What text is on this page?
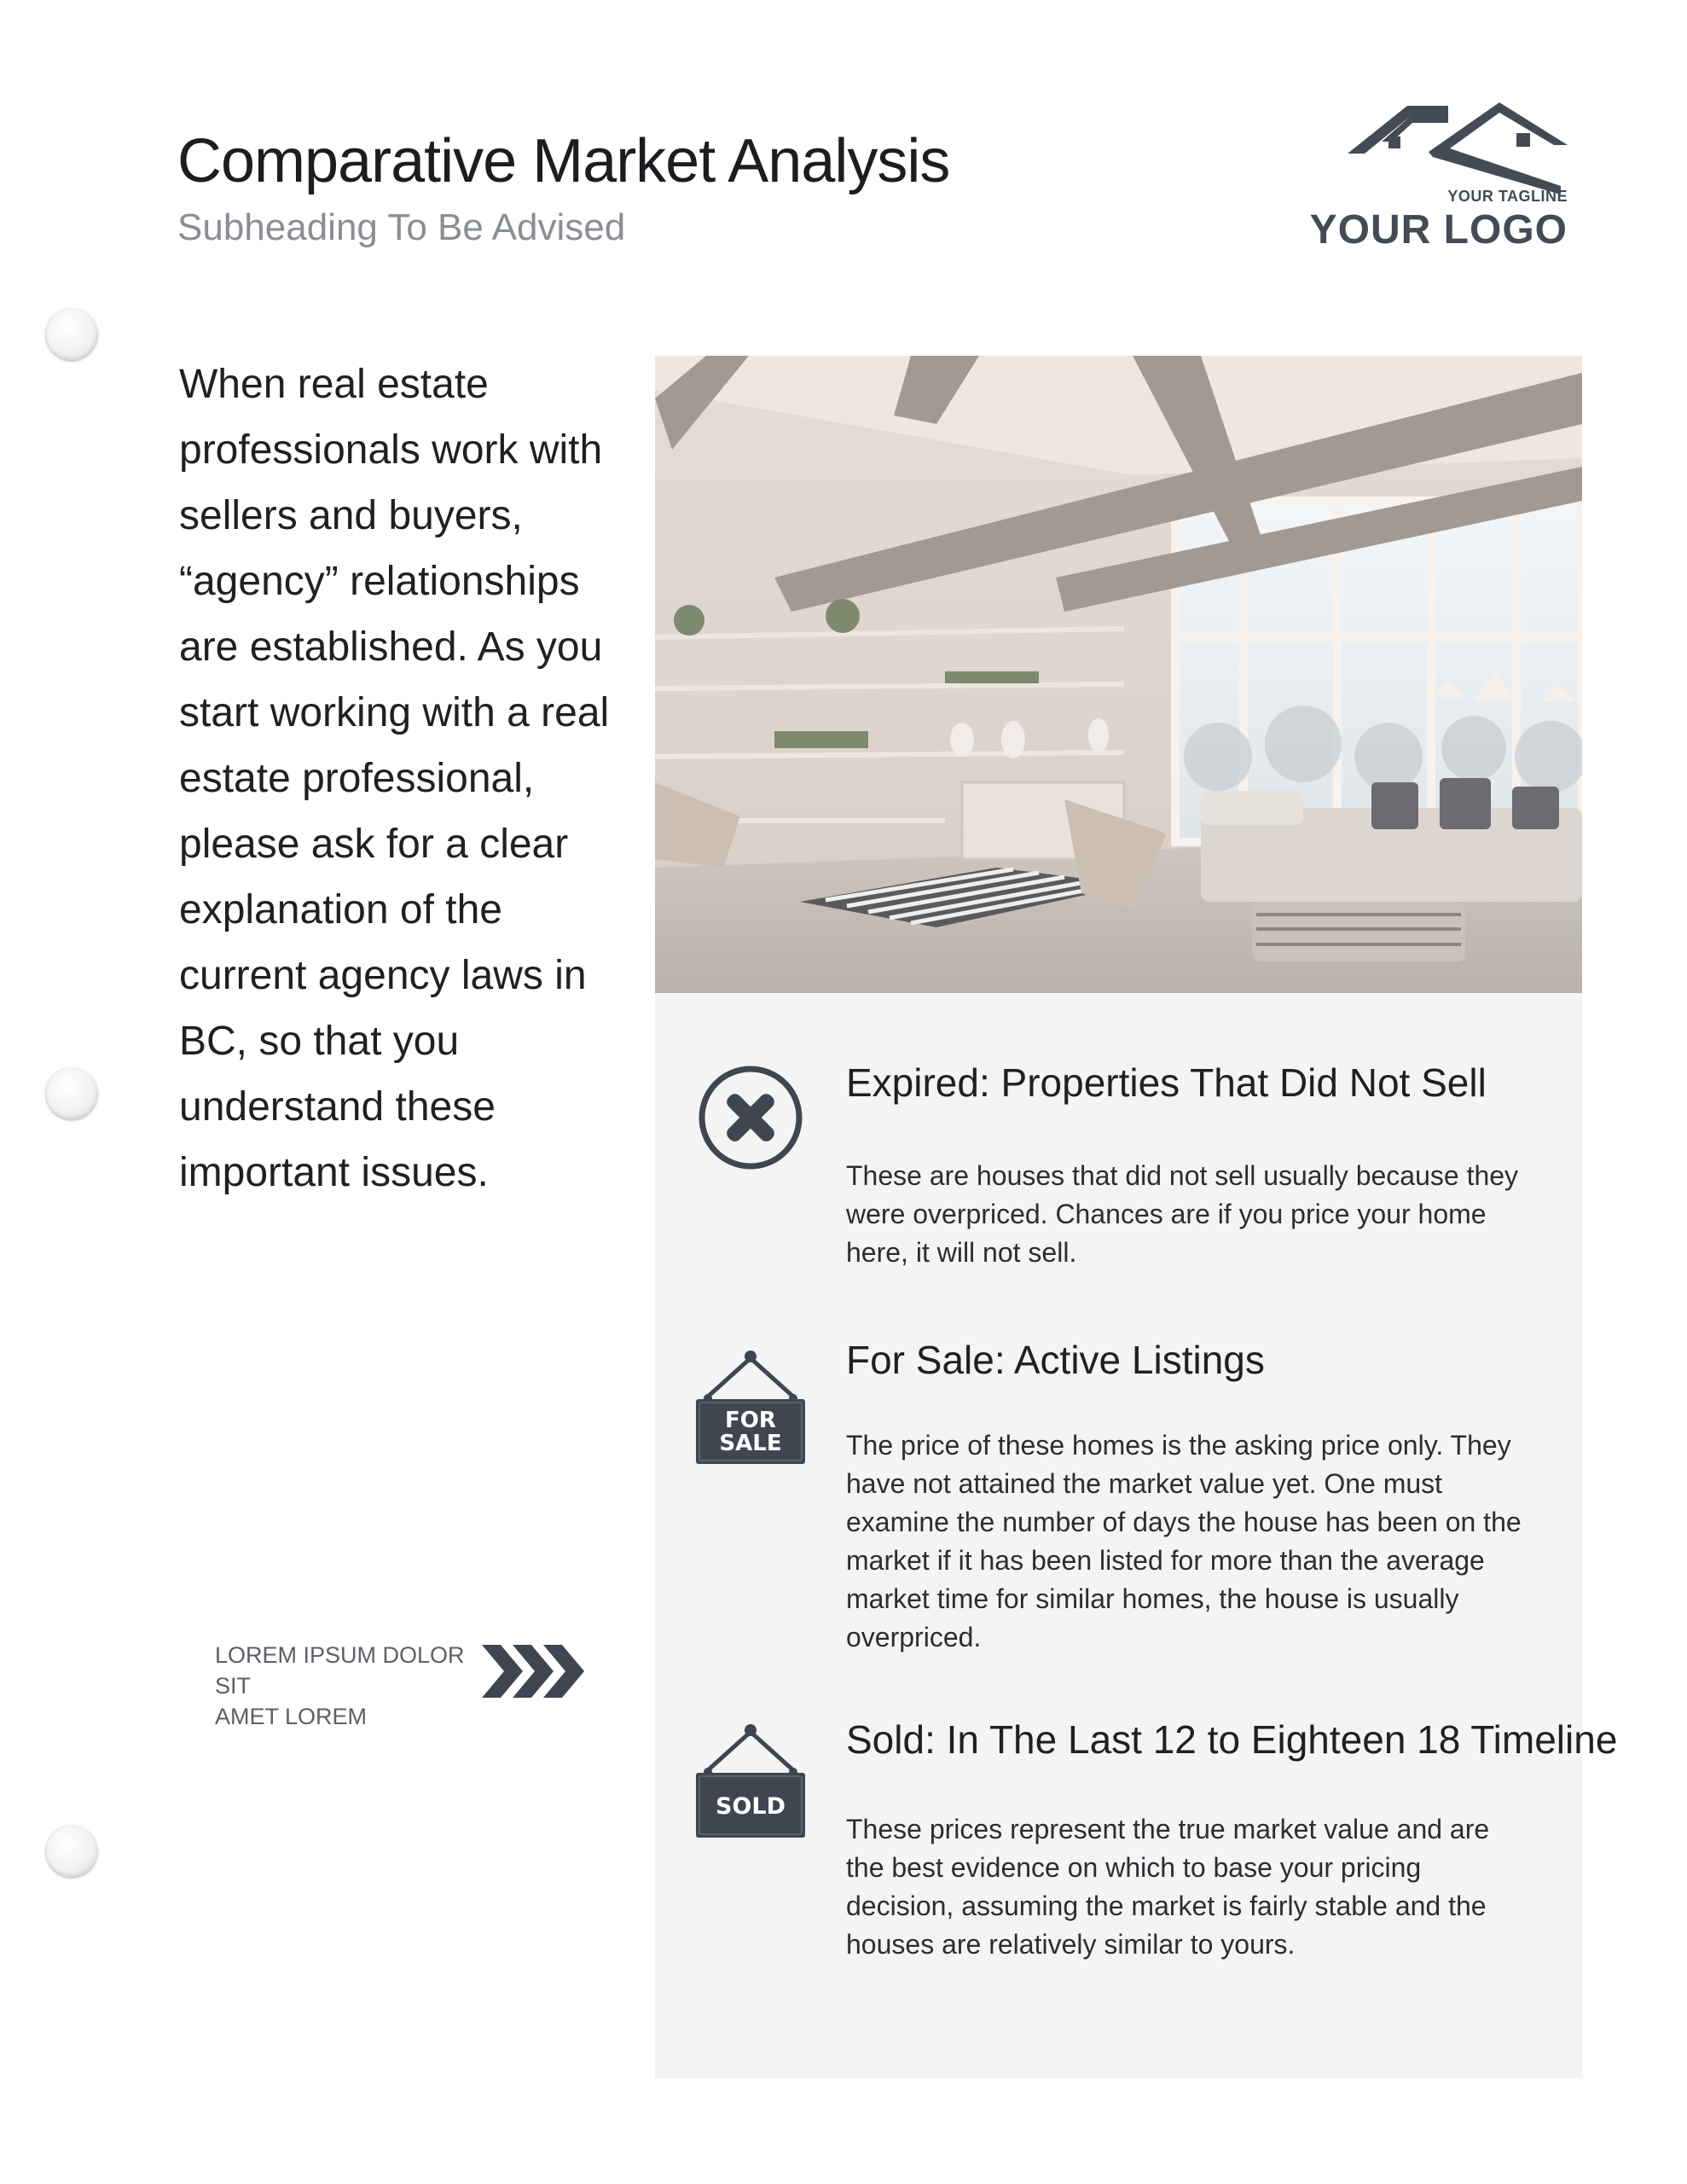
Comparative Market Analysis
Subheading To Be Advised
YOUR TAGLINE
YOUR LOGO

When real estate professionals work with sellers and buyers, “agency” relationships are established. As you start working with a real estate professional, please ask for a clear explanation of the current agency laws in BC, so that you understand these important issues.

LOREM IPSUM DOLOR SIT
AMET LOREM
Expired: Properties That Did Not Sell

These are houses that did not sell usually because they were overpriced. Chances are if you price your home here, it will not sell.

FOR
SALE
For Sale: Active Listings

The price of these homes is the asking price only. They have not attained the market value yet. One must examine the number of days the house has been on the market if it has been listed for more than the average market time for similar homes, the house is usually overpriced.

SOLD
Sold: In The Last 12 to Eighteen 18 Timeline

These prices represent the true market value and are the best evidence on which to base your pricing decision, assuming the market is fairly stable and the houses are relatively similar to yours.
